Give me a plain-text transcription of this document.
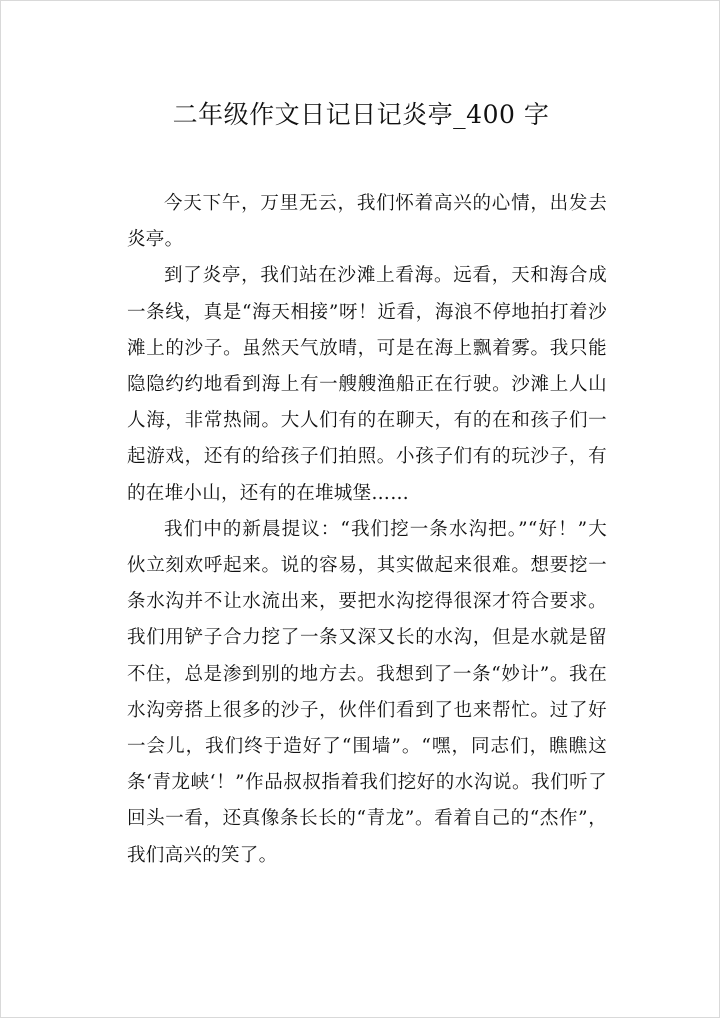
二年级作文日记日记炎亭_400 字

今天下午，万里无云，我们怀着高兴的心情，出发去炎亭。

到了炎亭，我们站在沙滩上看海。远看，天和海合成一条线，真是“海天相接”呀！近看，海浪不停地拍打着沙滩上的沙子。虽然天气放晴，可是在海上飘着雾。我只能隐隐约约地看到海上有一艘艘渔船正在行驶。沙滩上人山人海，非常热闹。大人们有的在聊天，有的在和孩子们一起游戏，还有的给孩子们拍照。小孩子们有的玩沙子，有的在堆小山，还有的在堆城堡……

我们中的新晨提议：“我们挖一条水沟把。”“好！”大伙立刻欢呼起来。说的容易，其实做起来很难。想要挖一条水沟并不让水流出来，要把水沟挖得很深才符合要求。我们用铲子合力挖了一条又深又长的水沟，但是水就是留不住，总是渗到别的地方去。我想到了一条“妙计”。我在水沟旁搭上很多的沙子，伙伴们看到了也来帮忙。过了好一会儿，我们终于造好了“围墙”。“嘿，同志们，瞧瞧这条‘青龙峡‘！”作品叔叔指着我们挖好的水沟说。我们听了回头一看，还真像条长长的“青龙”。看着自己的“杰作”，我们高兴的笑了。
